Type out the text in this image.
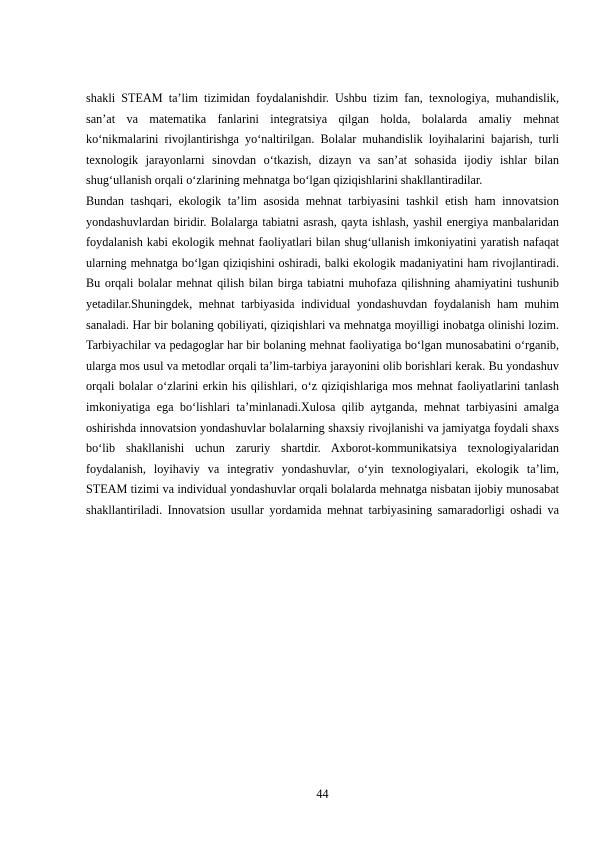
shakli STEAM ta’lim tizimidan foydalanishdir. Ushbu tizim fan, texnologiya, muhandislik, san’at va matematika fanlarini integratsiya qilgan holda, bolalarda amaliy mehnat ko‘nikmalarini rivojlantirishga yo‘naltirilgan. Bolalar muhandislik loyihalarini bajarish, turli texnologik jarayonlarni sinovdan o‘tkazish, dizayn va san’at sohasida ijodiy ishlar bilan shug‘ullanish orqali o‘zlarining mehnatga bo‘lgan qiziqishlarini shakllantiradilar.

Bundan tashqari, ekologik ta’lim asosida mehnat tarbiyasini tashkil etish ham innovatsion yondashuvlardan biridir. Bolalarga tabiatni asrash, qayta ishlash, yashil energiya manbalaridan foydalanish kabi ekologik mehnat faoliyatlari bilan shug‘ullanish imkoniyatini yaratish nafaqat ularning mehnatga bo‘lgan qiziqishini oshiradi, balki ekologik madaniyatini ham rivojlantiradi. Bu orqali bolalar mehnat qilish bilan birga tabiatni muhofaza qilishning ahamiyatini tushunib yetadilar.Shuningdek, mehnat tarbiyasida individual yondashuvdan foydalanish ham muhim sanaladi. Har bir bolaning qobiliyati, qiziqishlari va mehnatga moyilligi inobatga olinishi lozim. Tarbiyachilar va pedagoglar har bir bolaning mehnat faoliyatiga bo‘lgan munosabatini o‘rganib, ularga mos usul va metodlar orqali ta’lim-tarbiya jarayonini olib borishlari kerak. Bu yondashuv orqali bolalar o‘zlarini erkin his qilishlari, o‘z qiziqishlariga mos mehnat faoliyatlarini tanlash imkoniyatiga ega bo‘lishlari ta’minlanadi.Xulosa qilib aytganda, mehnat tarbiyasini amalga oshirishda innovatsion yondashuvlar bolalarning shaxsiy rivojlanishi va jamiyatga foydali shaxs bo‘lib shakllanishi uchun zaruriy shartdir. Axborot-kommunikatsiya texnologiyalaridan foydalanish, loyihaviy va integrativ yondashuvlar, o‘yin texnologiyalari, ekologik ta’lim, STEAM tizimi va individual yondashuvlar orqali bolalarda mehnatga nisbatan ijobiy munosabat shakllantiriladi. Innovatsion usullar yordamida mehnat tarbiyasining samaradorligi oshadi va

44
